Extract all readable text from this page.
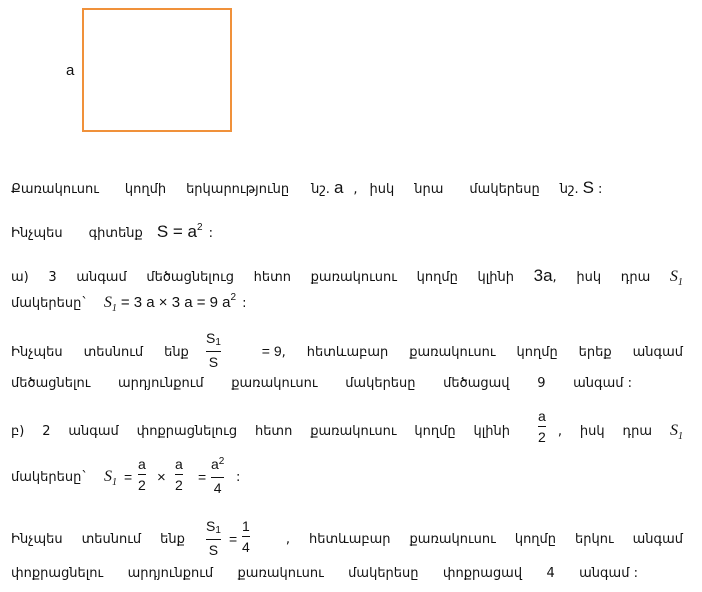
a
Քառակուսու կողմի երկարությունը նշ. a , իսկ նրա մակերեսը նշ. S :
Ինչպես գիտենք $S = a^2$ :
ա) 3 անգամ մեծացնելուց հետո քառակուսու կողմը կլինի 3a, իսկ դրա $S_1$
մակերեսը` $S_1 = 3$ a × 3 a = 9 $a^2$ :
S1
S
Ինչպես տեսնում ենք	= 9, հետևաբար քառակուսու կողմը երեք անգամ
մեծացնելու արդյունքում քառակուսու մակերեսը մեծացավ 9 անգամ :
a
2
բ) 2 անգամ փոքրացնելուց հետո քառակուսու կողմը կլինի	, իսկ դրա $S_1$
մակերեսը` $S_1$ =
a
2 ×
a
2 =
$a^2$
4
:
S1
S
=
1
4
Ինչպես տեսնում ենք	, հետևաբար քառակուսու կողմը երկու անգամ
փոքրացնելու արդյունքում քառակուսու մակերեսը փոքրացավ 4 անգամ :
